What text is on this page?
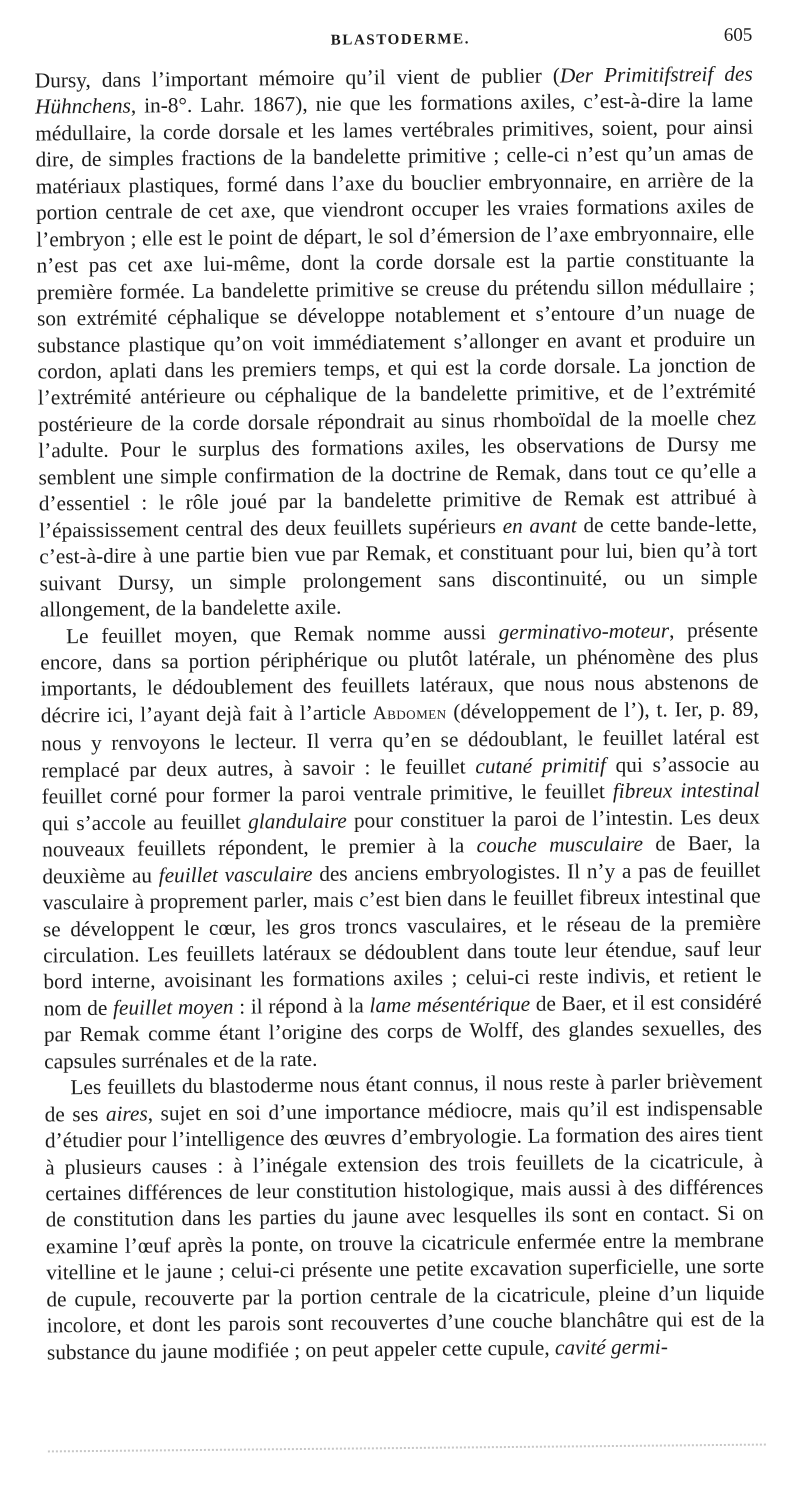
BLASTODERME.	605

Dursy, dans l’important mémoire qu’il vient de publier (Der Primitifstreif des Hühnchens, in-8°. Lahr. 1867), nie que les formations axiles, c’est-à-dire la lame médullaire, la corde dorsale et les lames vertébrales primitives, soient, pour ainsi dire, de simples fractions de la bandelette primitive ; celle-ci n’est qu’un amas de matériaux plastiques, formé dans l’axe du bouclier embryonnaire, en arrière de la portion centrale de cet axe, que viendront occuper les vraies formations axiles de l’embryon ; elle est le point de départ, le sol d’émersion de l’axe embryonnaire, elle n’est pas cet axe lui-même, dont la corde dorsale est la partie constituante la première formée. La bandelette primitive se creuse du prétendu sillon médullaire ; son extrémité céphalique se développe notablement et s’entoure d’un nuage de substance plastique qu’on voit immédiatement s’allonger en avant et produire un cordon, aplati dans les premiers temps, et qui est la corde dorsale. La jonction de l’extrémité antérieure ou céphalique de la bandelette primitive, et de l’extrémité postérieure de la corde dorsale répondrait au sinus rhomboïdal de la moelle chez l’adulte. Pour le surplus des formations axiles, les observations de Dursy me semblent une simple confirmation de la doctrine de Remak, dans tout ce qu’elle a d’essentiel : le rôle joué par la bandelette primitive de Remak est attribué à l’épaississement central des deux feuillets supérieurs en avant de cette bande-lette, c’est-à-dire à une partie bien vue par Remak, et constituant pour lui, bien qu’à tort suivant Dursy, un simple prolongement sans discontinuité, ou un simple allongement, de la bandelette axile.

Le feuillet moyen, que Remak nomme aussi germinativo-moteur, présente encore, dans sa portion périphérique ou plutôt latérale, un phénomène des plus importants, le dédoublement des feuillets latéraux, que nous nous abstenons de décrire ici, l’ayant dejà fait à l’article Abdomen (développement de l’), t. Ier, p. 89, nous y renvoyons le lecteur. Il verra qu’en se dédoublant, le feuillet latéral est remplacé par deux autres, à savoir : le feuillet cutané primitif qui s’associe au feuillet corné pour former la paroi ventrale primitive, le feuillet fibreux intestinal qui s’accole au feuillet glandulaire pour constituer la paroi de l’intestin. Les deux nouveaux feuillets répondent, le premier à la couche musculaire de Baer, la deuxième au feuillet vasculaire des anciens embryologistes. Il n’y a pas de feuillet vasculaire à proprement parler, mais c’est bien dans le feuillet fibreux intestinal que se développent le cœur, les gros troncs vasculaires, et le réseau de la première circulation. Les feuillets latéraux se dédoublent dans toute leur étendue, sauf leur bord interne, avoisinant les formations axiles ; celui-ci reste indivis, et retient le nom de feuillet moyen : il répond à la lame mésentérique de Baer, et il est considéré par Remak comme étant l’origine des corps de Wolff, des glandes sexuelles, des capsules surrénales et de la rate.

Les feuillets du blastoderme nous étant connus, il nous reste à parler brièvement de ses aires, sujet en soi d’une importance médiocre, mais qu’il est indispensable d’étudier pour l’intelligence des œuvres d’embryologie. La formation des aires tient à plusieurs causes : à l’inégale extension des trois feuillets de la cicatricule, à certaines différences de leur constitution histologique, mais aussi à des différences de constitution dans les parties du jaune avec lesquelles ils sont en contact. Si on examine l’œuf après la ponte, on trouve la cicatricule enfermée entre la membrane vitelline et le jaune ; celui-ci présente une petite excavation superficielle, une sorte de cupule, recouverte par la portion centrale de la cicatricule, pleine d’un liquide incolore, et dont les parois sont recouvertes d’une couche blanchâtre qui est de la substance du jaune modifiée ; on peut appeler cette cupule, cavité germi-
